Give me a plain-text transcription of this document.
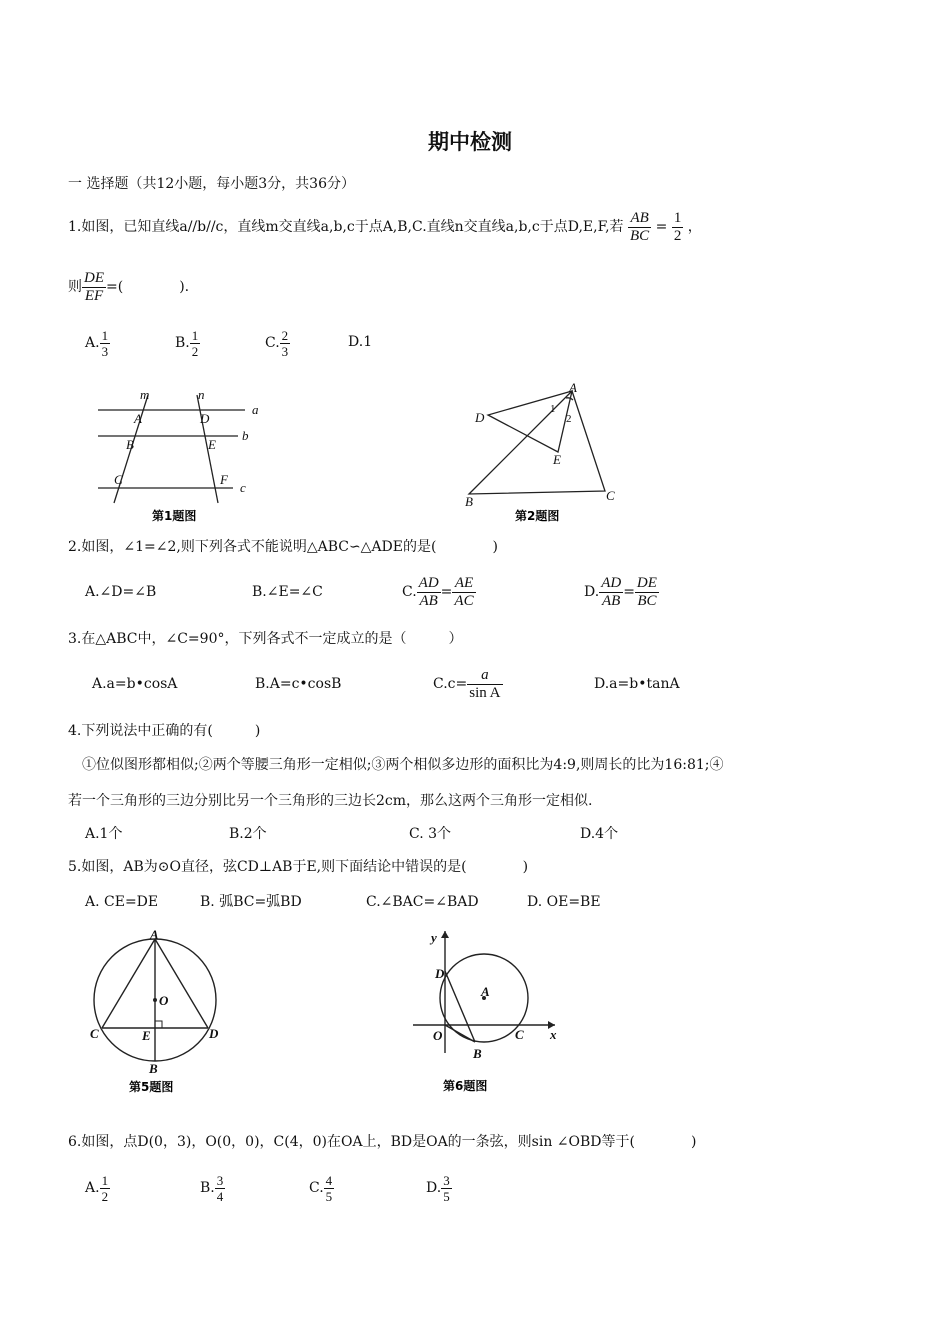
期中检测
一 选择题（共12小题，每小题3分，共36分）
1.如图，已知直线a//b//c，直线m交直线a,b,c于点A,B,C.直线n交直线a,b,c于点D,E,F,若 $\frac{AB}{BC} = \frac{1}{2}$ ，
则 $\frac{DE}{EF}$ =(　　　　).
A. $\frac{1}{3}$	B. $\frac{1}{2}$	C. $\frac{2}{3}$	D.1
m	n
A	D
B	E
C	F
a
b
c
第1题图
A
B	C
D
E
1
2
第2题图
2.如图，∠1=∠2,则下列各式不能说明△ABC∽△ADE的是(　　　　)
A.∠D=∠B	B.∠E=∠C	C. $\frac{AD}{AB} = \frac{AE}{AC}$	D. $\frac{AD}{AB} = \frac{DE}{BC}$
3.在△ABC中，∠C=90°，下列各式不一定成立的是（　　　）
A.a=b•cosA	B.A=c•cosB	$C.c= \frac{a}{\text{sin A}}$	D.a=b•tanA
4.下列说法中正确的有(　　　)
①位似图形都相似;②两个等腰三角形一定相似;③两个相似多边形的面积比为4:9,则周长的比为16:81;④
若一个三角形的三边分别比另一个三角形的三边长2cm，那么这两个三角形一定相似.
A.1个	B.2个	C. 3个	D.4个
5.如图，AB为⊙O直径，弦CD⊥AB于E,则下面结论中错误的是(　　　　)
A. CE=DE	B. 弧BC=弧BD	C.∠BAC=∠BAD	D. OE=BE
A
B
C	D
E
O
第5题图
x
y
O
A
B
C
D
第6题图
6.如图，点D(0，3)，O(0，0)，C(4，0)在OA上，BD是OA的一条弦，则sin ∠OBD等于(　　　　)
A. $\frac{1}{2}$	B. $\frac{3}{4}$	C. $\frac{4}{5}$	D. $\frac{3}{5}$
